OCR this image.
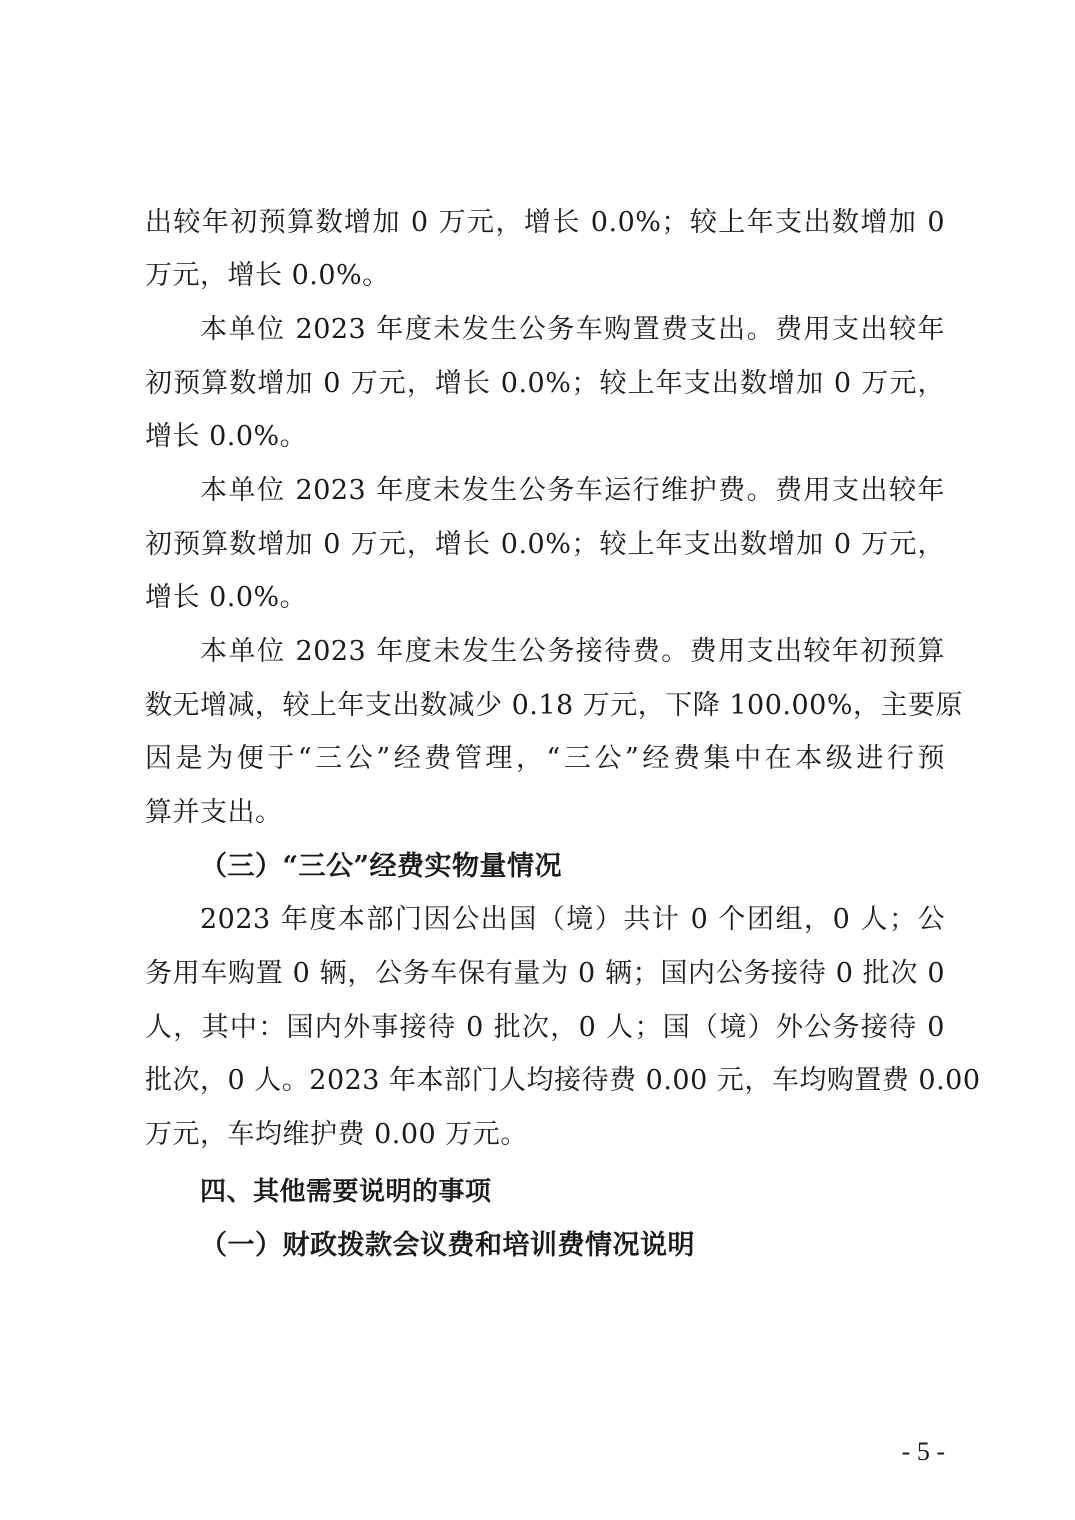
出较年初预算数增加 0 万元，增长 0.0%；较上年支出数增加 0
万元，增长 0.0%。
本单位 2023 年度未发生公务车购置费支出。费用支出较年
初预算数增加 0 万元，增长 0.0%；较上年支出数增加 0 万元，
增长 0.0%。
本单位 2023 年度未发生公务车运行维护费。费用支出较年
初预算数增加 0 万元，增长 0.0%；较上年支出数增加 0 万元，
增长 0.0%。
本单位 2023 年度未发生公务接待费。费用支出较年初预算
数无增减，较上年支出数减少 0.18 万元，下降 100.00%，主要原
因是为便于“三公”经费管理，“三公”经费集中在本级进行预
算并支出。
（三）“三公”经费实物量情况
2023 年度本部门因公出国（境）共计 0 个团组，0 人；公
务用车购置 0 辆，公务车保有量为 0 辆；国内公务接待 0 批次 0
人，其中：国内外事接待 0 批次，0 人；国（境）外公务接待 0
批次，0 人。2023 年本部门人均接待费 0.00 元，车均购置费 0.00
万元，车均维护费 0.00 万元。
四、其他需要说明的事项
（一）财政拨款会议费和培训费情况说明
- 5 -
